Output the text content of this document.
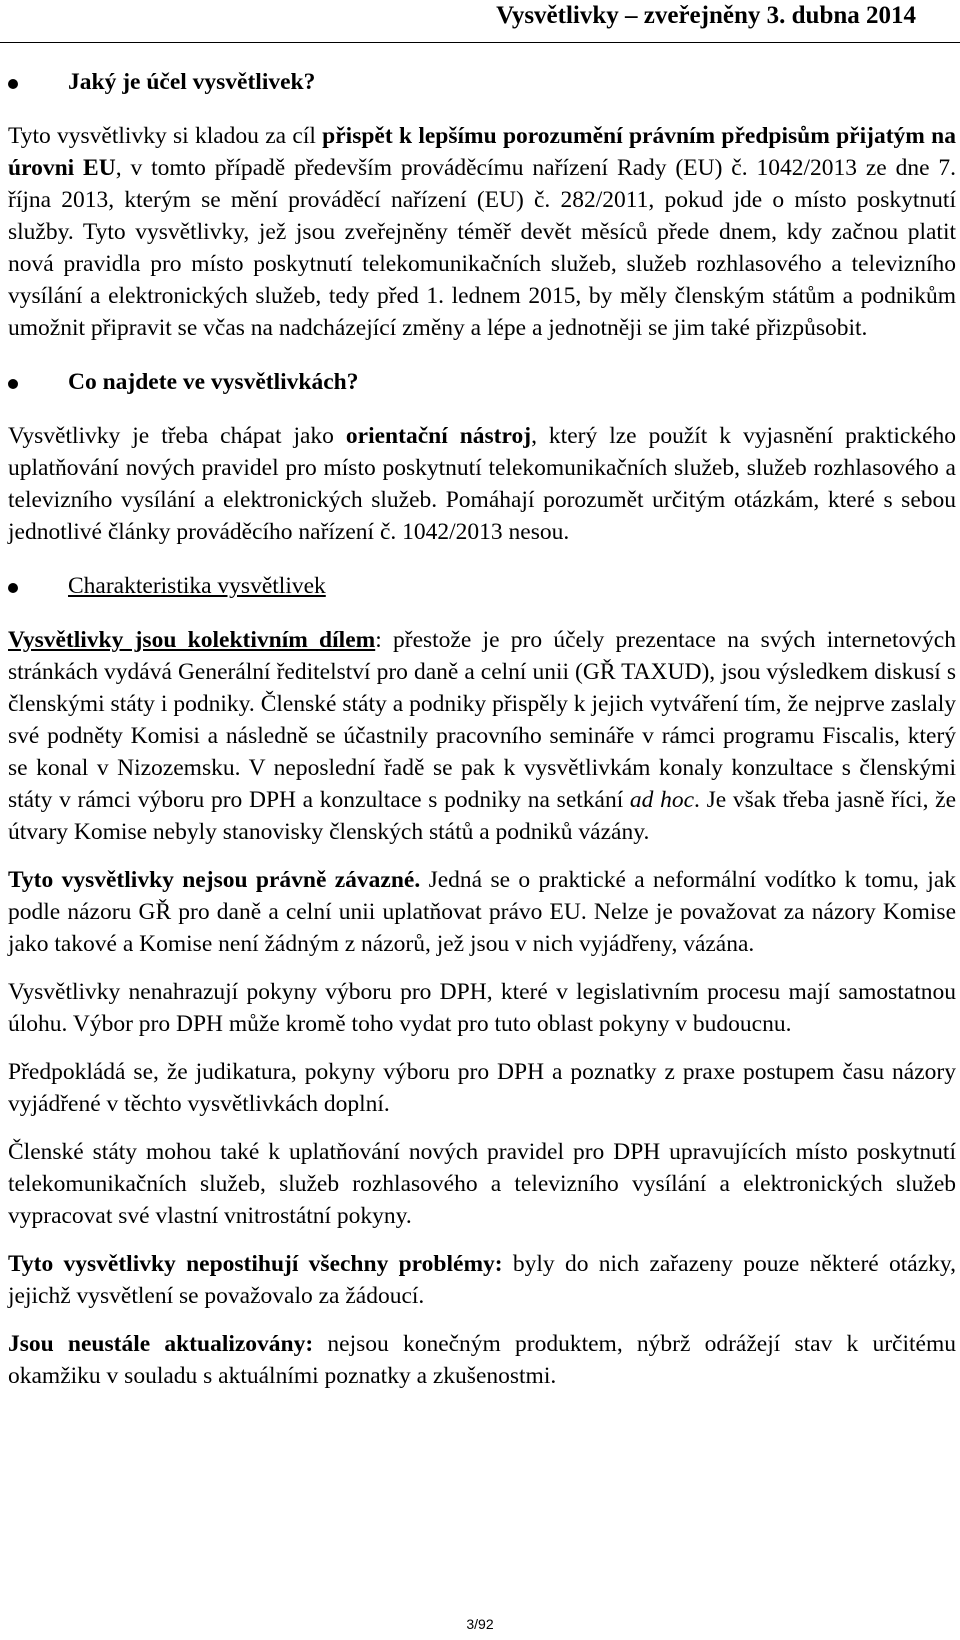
Vysvětlivky – zveřejněny 3. dubna 2014
Jaký je účel vysvětlivek?

Tyto vysvětlivky si kladou za cíl přispět k lepšímu porozumění právním předpisům přijatým na úrovni EU, v tomto případě především prováděcímu nařízení Rady (EU) č. 1042/2013 ze dne 7. října 2013, kterým se mění prováděcí nařízení (EU) č. 282/2011, pokud jde o místo poskytnutí služby. Tyto vysvětlivky, jež jsou zveřejněny téměř devět měsíců přede dnem, kdy začnou platit nová pravidla pro místo poskytnutí telekomunikačních služeb, služeb rozhlasového a televizního vysílání a elektronických služeb, tedy před 1. lednem 2015, by měly členským státům a podnikům umožnit připravit se včas na nadcházející změny a lépe a jednotněji se jim také přizpůsobit.

Co najdete ve vysvětlivkách?

Vysvětlivky je třeba chápat jako orientační nástroj, který lze použít k vyjasnění praktického uplatňování nových pravidel pro místo poskytnutí telekomunikačních služeb, služeb rozhlasového a televizního vysílání a elektronických služeb. Pomáhají porozumět určitým otázkám, které s sebou jednotlivé články prováděcího nařízení č. 1042/2013 nesou.

Charakteristika vysvětlivek

Vysvětlivky jsou kolektivním dílem: přestože je pro účely prezentace na svých internetových stránkách vydává Generální ředitelství pro daně a celní unii (GŘ TAXUD), jsou výsledkem diskusí s členskými státy i podniky. Členské státy a podniky přispěly k jejich vytváření tím, že nejprve zaslaly své podněty Komisi a následně se účastnily pracovního semináře v rámci programu Fiscalis, který se konal v Nizozemsku. V neposlední řadě se pak k vysvětlivkám konaly konzultace s členskými státy v rámci výboru pro DPH a konzultace s podniky na setkání ad hoc. Je však třeba jasně říci, že útvary Komise nebyly stanovisky členských států a podniků vázány.

Tyto vysvětlivky nejsou právně závazné. Jedná se o praktické a neformální vodítko k tomu, jak podle názoru GŘ pro daně a celní unii uplatňovat právo EU. Nelze je považovat za názory Komise jako takové a Komise není žádným z názorů, jež jsou v nich vyjádřeny, vázána.

Vysvětlivky nenahrazují pokyny výboru pro DPH, které v legislativním procesu mají samostatnou úlohu. Výbor pro DPH může kromě toho vydat pro tuto oblast pokyny v budoucnu.

Předpokládá se, že judikatura, pokyny výboru pro DPH a poznatky z praxe postupem času názory vyjádřené v těchto vysvětlivkách doplní.

Členské státy mohou také k uplatňování nových pravidel pro DPH upravujících místo poskytnutí telekomunikačních služeb, služeb rozhlasového a televizního vysílání a elektronických služeb vypracovat své vlastní vnitrostátní pokyny.

Tyto vysvětlivky nepostihují všechny problémy: byly do nich zařazeny pouze některé otázky, jejichž vysvětlení se považovalo za žádoucí.

Jsou neustále aktualizovány: nejsou konečným produktem, nýbrž odrážejí stav k určitému okamžiku v souladu s aktuálními poznatky a zkušenostmi.

3/92
